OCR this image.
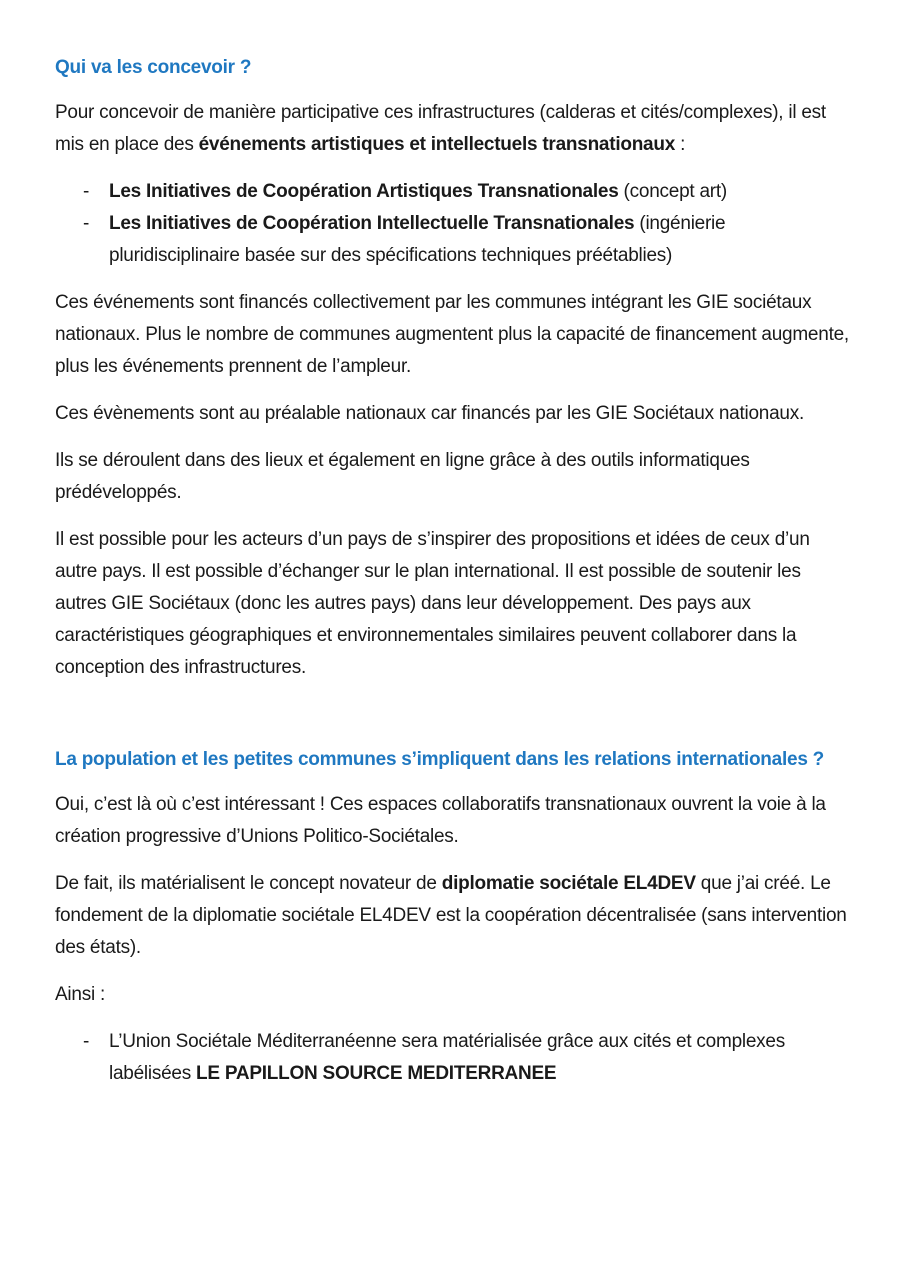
Qui va les concevoir ?

Pour concevoir de manière participative ces infrastructures (calderas et cités/complexes), il est mis en place des événements artistiques et intellectuels transnationaux :

- Les Initiatives de Coopération Artistiques Transnationales (concept art)
- Les Initiatives de Coopération Intellectuelle Transnationales (ingénierie pluridisciplinaire basée sur des spécifications techniques préétablies)

Ces événements sont financés collectivement par les communes intégrant les GIE sociétaux nationaux. Plus le nombre de communes augmentent plus la capacité de financement augmente, plus les événements prennent de l’ampleur.

Ces évènements sont au préalable nationaux car financés par les GIE Sociétaux nationaux.

Ils se déroulent dans des lieux et également en ligne grâce à des outils informatiques prédéveloppés.

Il est possible pour les acteurs d’un pays de s’inspirer des propositions et idées de ceux d’un autre pays. Il est possible d’échanger sur le plan international. Il est possible de soutenir les autres GIE Sociétaux (donc les autres pays) dans leur développement. Des pays aux caractéristiques géographiques et environnementales similaires peuvent collaborer dans la conception des infrastructures.

La population et les petites communes s’impliquent dans les relations internationales ?

Oui, c’est là où c’est intéressant ! Ces espaces collaboratifs transnationaux ouvrent la voie à la création progressive d’Unions Politico-Sociétales.

De fait, ils matérialisent le concept novateur de diplomatie sociétale EL4DEV que j’ai créé. Le fondement de la diplomatie sociétale EL4DEV est la coopération décentralisée (sans intervention des états).

Ainsi :

- L’Union Sociétale Méditerranéenne sera matérialisée grâce aux cités et complexes labélisées LE PAPILLON SOURCE MEDITERRANEE
